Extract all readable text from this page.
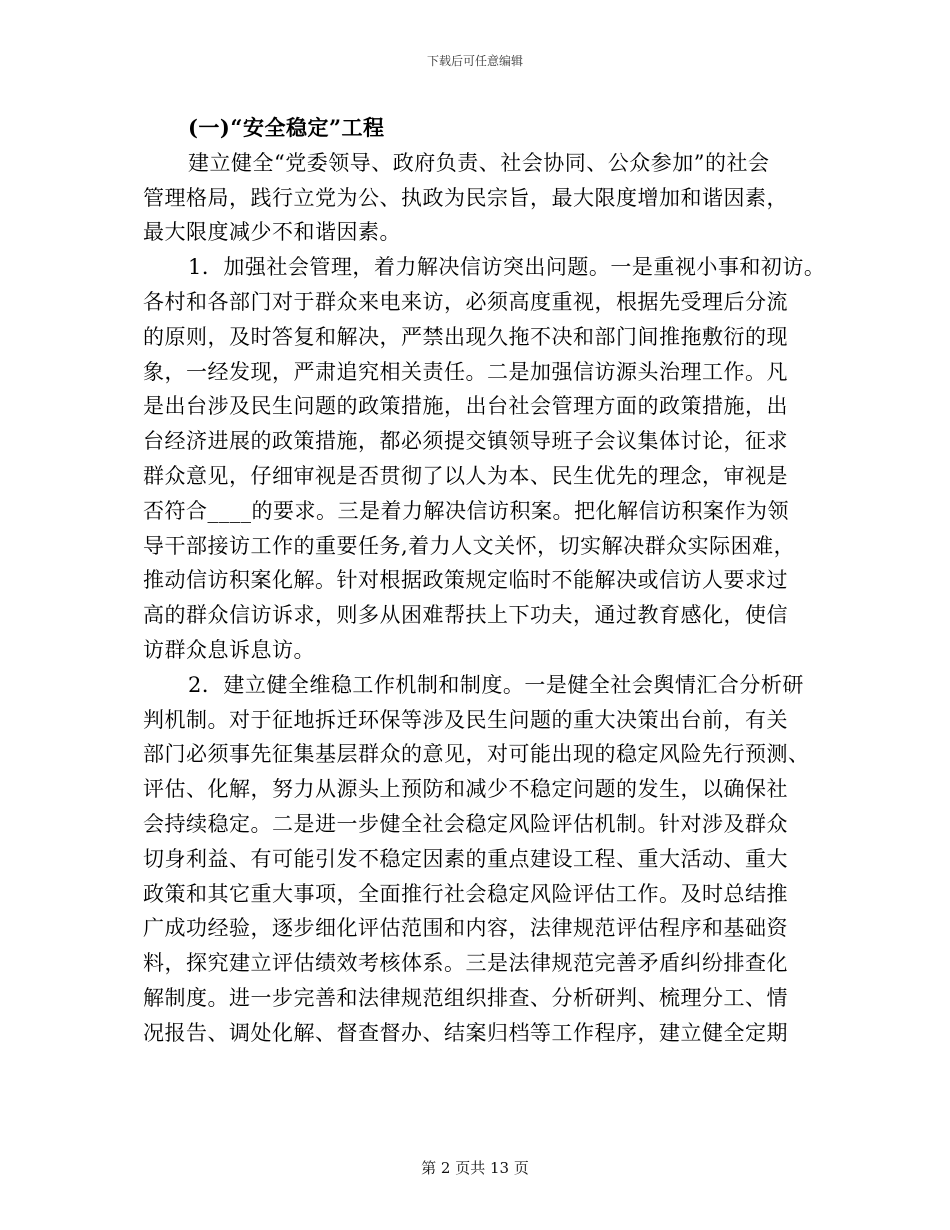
下载后可任意编辑
(一)“安全稳定”工程
建立健全“党委领导、政府负责、社会协同、公众参加”的社会
管理格局，践行立党为公、执政为民宗旨，最大限度增加和谐因素，
最大限度减少不和谐因素。
1．加强社会管理，着力解决信访突出问题。一是重视小事和初访。
各村和各部门对于群众来电来访，必须高度重视，根据先受理后分流
的原则，及时答复和解决，严禁出现久拖不决和部门间推拖敷衍的现
象，一经发现，严肃追究相关责任。二是加强信访源头治理工作。凡
是出台涉及民生问题的政策措施，出台社会管理方面的政策措施，出
台经济进展的政策措施，都必须提交镇领导班子会议集体讨论，征求
群众意见，仔细审视是否贯彻了以人为本、民生优先的理念，审视是
否符合____的要求。三是着力解决信访积案。把化解信访积案作为领
导干部接访工作的重要任务,着力人文关怀，切实解决群众实际困难，
推动信访积案化解。针对根据政策规定临时不能解决或信访人要求过
高的群众信访诉求，则多从困难帮扶上下功夫，通过教育感化，使信
访群众息诉息访。
2．建立健全维稳工作机制和制度。一是健全社会舆情汇合分析研
判机制。对于征地拆迁环保等涉及民生问题的重大决策出台前，有关
部门必须事先征集基层群众的意见，对可能出现的稳定风险先行预测、
评估、化解，努力从源头上预防和减少不稳定问题的发生，以确保社
会持续稳定。二是进一步健全社会稳定风险评估机制。针对涉及群众
切身利益、有可能引发不稳定因素的重点建设工程、重大活动、重大
政策和其它重大事项，全面推行社会稳定风险评估工作。及时总结推
广成功经验，逐步细化评估范围和内容，法律规范评估程序和基础资
料，探究建立评估绩效考核体系。三是法律规范完善矛盾纠纷排查化
解制度。进一步完善和法律规范组织排查、分析研判、梳理分工、情
况报告、调处化解、督查督办、结案归档等工作程序，建立健全定期
第 2 页共 13 页
